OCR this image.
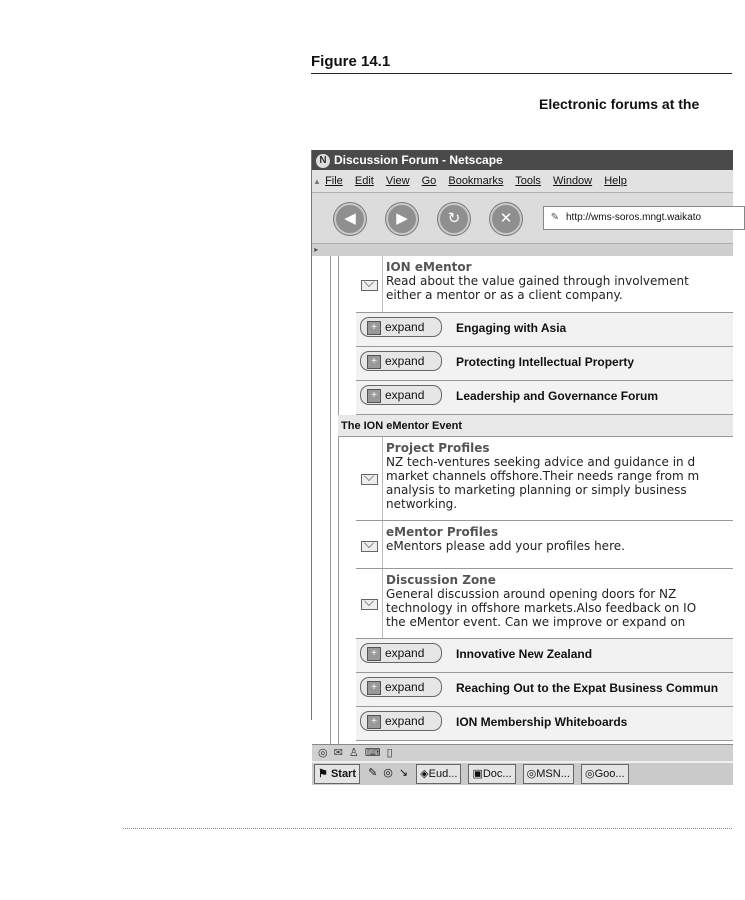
Figure 14.1
Electronic forums at the
N Discussion Forum - Netscape
▲ File Edit View Go Bookmarks Tools Window Help
◀	▶	↻	✕	✎ http://wms-soros.mngt.waikato
▸
ION eMentor
Read about the value gained through involvement
either a mentor or as a client company.
+ expand	Engaging with Asia
+ expand	Protecting Intellectual Property
+ expand	Leadership and Governance Forum
The ION eMentor Event
Project Profiles
NZ tech-ventures seeking advice and guidance in d
market channels offshore.Their needs range from m
analysis to marketing planning or simply business
networking.
eMentor Profiles
eMentors please add your profiles here.
Discussion Zone
General discussion around opening doors for NZ
technology in offshore markets.Also feedback on IO
the eMentor event. Can we improve or expand on
+ expand	Innovative New Zealand
+ expand	Reaching Out to the Expat Business Commun
+ expand	ION Membership Whiteboards
◎ ✉ ♙ ⌨ ▯
⚑ Start ✎ ◎ ↘ ◈Eud... ▣Doc... ◎MSN... ◎Goo...
